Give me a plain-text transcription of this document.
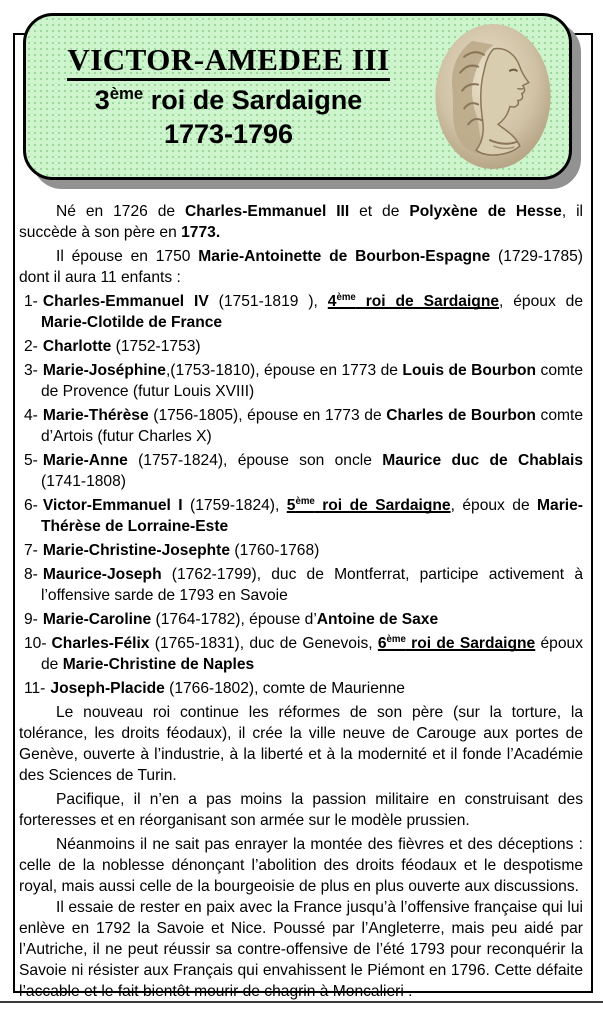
Né en 1726 de Charles-Emmanuel III et de Polyxène de Hesse, il succède à son père en 1773.

Il épouse en 1750 Marie-Antoinette de Bourbon-Espagne (1729-1785) dont il aura 11 enfants :

1- Charles-Emmanuel IV (1751-1819 ), 4ème roi de Sardaigne, époux de Marie-Clotilde de France
2- Charlotte (1752-1753)
3- Marie-Joséphine,(1753-1810), épouse en 1773 de Louis de Bourbon comte de Provence (futur Louis XVIII)
4- Marie-Thérèse (1756-1805), épouse en 1773 de Charles de Bourbon comte d’Artois (futur Charles X)
5- Marie-Anne (1757-1824), épouse son oncle Maurice duc de Chablais (1741-1808)
6- Victor-Emmanuel I (1759-1824), 5ème roi de Sardaigne, époux de Marie-Thérèse de Lorraine-Este
7- Marie-Christine-Josephte (1760-1768)
8- Maurice-Joseph (1762-1799), duc de Montferrat, participe activement à l’offensive sarde de 1793 en Savoie
9- Marie-Caroline (1764-1782), épouse d’Antoine de Saxe
10- Charles-Félix (1765-1831), duc de Genevois, 6ème roi de Sardaigne époux de Marie-Christine de Naples
11- Joseph-Placide (1766-1802), comte de Maurienne

Le nouveau roi continue les réformes de son père (sur la torture, la tolérance, les droits féodaux), il crée la ville neuve de Carouge aux portes de Genève, ouverte à l’industrie, à la liberté et à la modernité et il fonde l’Académie des Sciences de Turin.

Pacifique, il n’en a pas moins la passion militaire en construisant des forteresses et en réorganisant son armée sur le modèle prussien.

Néanmoins il ne sait pas enrayer la montée des fièvres et des déceptions : celle de la noblesse dénonçant l’abolition des droits féodaux et le despotisme royal, mais aussi celle de la bourgeoisie de plus en plus ouverte aux discussions.

Il essaie de rester en paix avec la France jusqu’à l’offensive française qui lui enlève en 1792 la Savoie et Nice. Poussé par l’Angleterre, mais peu aidé par l’Autriche, il ne peut réussir sa contre-offensive de l’été 1793 pour reconquérir la Savoie ni résister aux Français qui envahissent le Piémont en 1796. Cette défaite l’accable et le fait bientôt mourir de chagrin à Moncalieri .

VICTOR-AMEDEE III
3ème roi de Sardaigne
1773-1796
